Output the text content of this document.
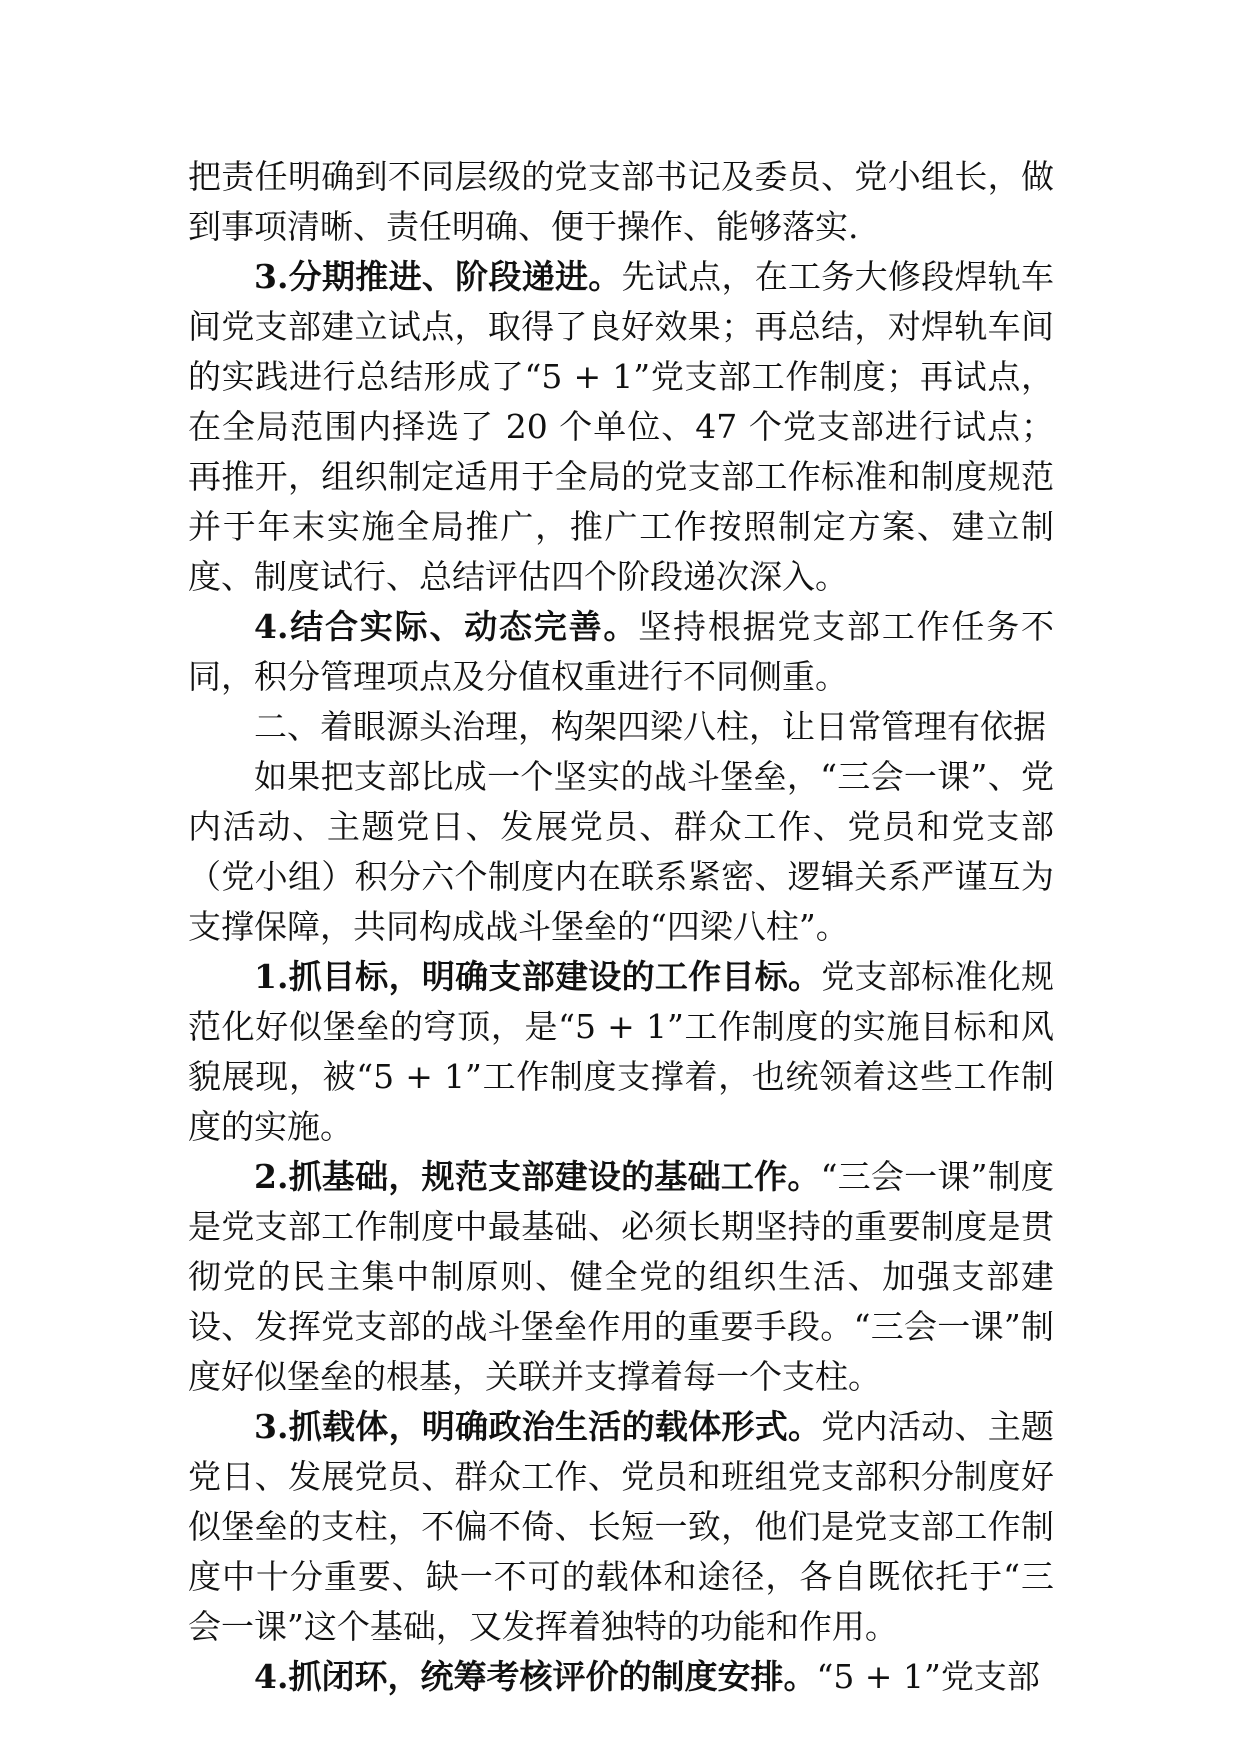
把责任明确到不同层级的党支部书记及委员、党小组长，做到事项清晰、责任明确、便于操作、能够落实.

3.分期推进、阶段递进。先试点，在工务大修段焊轨车间党支部建立试点，取得了良好效果；再总结，对焊轨车间的实践进行总结形成了“5 + 1”党支部工作制度；再试点，在全局范围内择选了 20 个单位、47 个党支部进行试点；再推开，组织制定适用于全局的党支部工作标准和制度规范并于年末实施全局推广，推广工作按照制定方案、建立制度、制度试行、总结评估四个阶段递次深入。

4.结合实际、动态完善。坚持根据党支部工作任务不同，积分管理项点及分值权重进行不同侧重。

二、着眼源头治理，构架四梁八柱，让日常管理有依据

如果把支部比成一个坚实的战斗堡垒，“三会一课”、党内活动、主题党日、发展党员、群众工作、党员和党支部（党小组）积分六个制度内在联系紧密、逻辑关系严谨互为支撑保障，共同构成战斗堡垒的“四梁八柱”。

1.抓目标，明确支部建设的工作目标。党支部标准化规范化好似堡垒的穹顶，是“5 + 1”工作制度的实施目标和风貌展现，被“5 + 1”工作制度支撑着，也统领着这些工作制度的实施。

2.抓基础，规范支部建设的基础工作。“三会一课”制度是党支部工作制度中最基础、必须长期坚持的重要制度是贯彻党的民主集中制原则、健全党的组织生活、加强支部建设、发挥党支部的战斗堡垒作用的重要手段。“三会一课”制度好似堡垒的根基，关联并支撑着每一个支柱。

3.抓载体，明确政治生活的载体形式。党内活动、主题党日、发展党员、群众工作、党员和班组党支部积分制度好似堡垒的支柱，不偏不倚、长短一致，他们是党支部工作制度中十分重要、缺一不可的载体和途径，各自既依托于“三会一课”这个基础，又发挥着独特的功能和作用。

4.抓闭环，统筹考核评价的制度安排。“5 + 1”党支部
